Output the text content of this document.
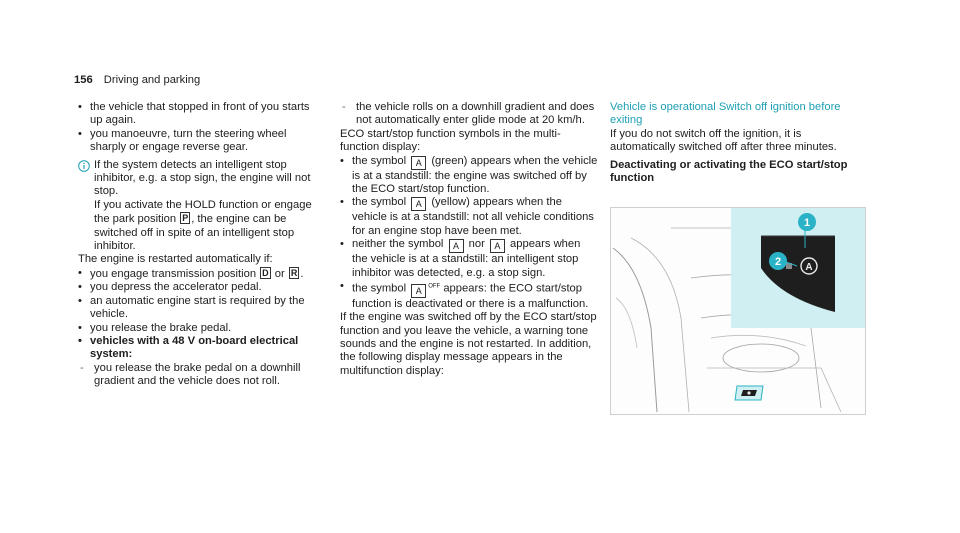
156 Driving and parking
• the vehicle that stopped in front of you starts up again.
• you manoeuvre, turn the steering wheel sharply or engage reverse gear.

If the system detects an intelligent stop inhibitor, e.g. a stop sign, the engine will not stop.

If you activate the HOLD function or engage the park position P , the engine can be switched off in spite of an intelligent stop inhibitor.

The engine is restarted automatically if:

• you engage transmission position D or R .
• you depress the accelerator pedal.
• an automatic engine start is required by the vehicle.
• you release the brake pedal.
• vehicles with a 48 V on-board electrical system:
- you release the brake pedal on a downhill gradient and the vehicle does not roll.
- the vehicle rolls on a downhill gradient and does not automatically enter glide mode at 20 km/h.

ECO start/stop function symbols in the multi-function display:

• the symbol A (green) appears when the vehicle is at a standstill: the engine was switched off by the ECO start/stop function.
• the symbol A (yellow) appears when the vehicle is at a standstill: not all vehicle conditions for an engine stop have been met.
• neither the symbol A nor A appears when the vehicle is at a standstill: an intelligent stop inhibitor was detected, e.g. a stop sign.
• the symbol A $^{OFF}$ appears: the ECO start/stop function is deactivated or there is a malfunction.

If the engine was switched off by the ECO start/stop function and you leave the vehicle, a warning tone sounds and the engine is not restarted. In addition, the following display message appears in the multifunction display:

Vehicle is operational Switch off ignition before exiting

If you do not switch off the ignition, it is automatically switched off after three minutes.

Deactivating or activating the ECO start/stop function

A
1
2
